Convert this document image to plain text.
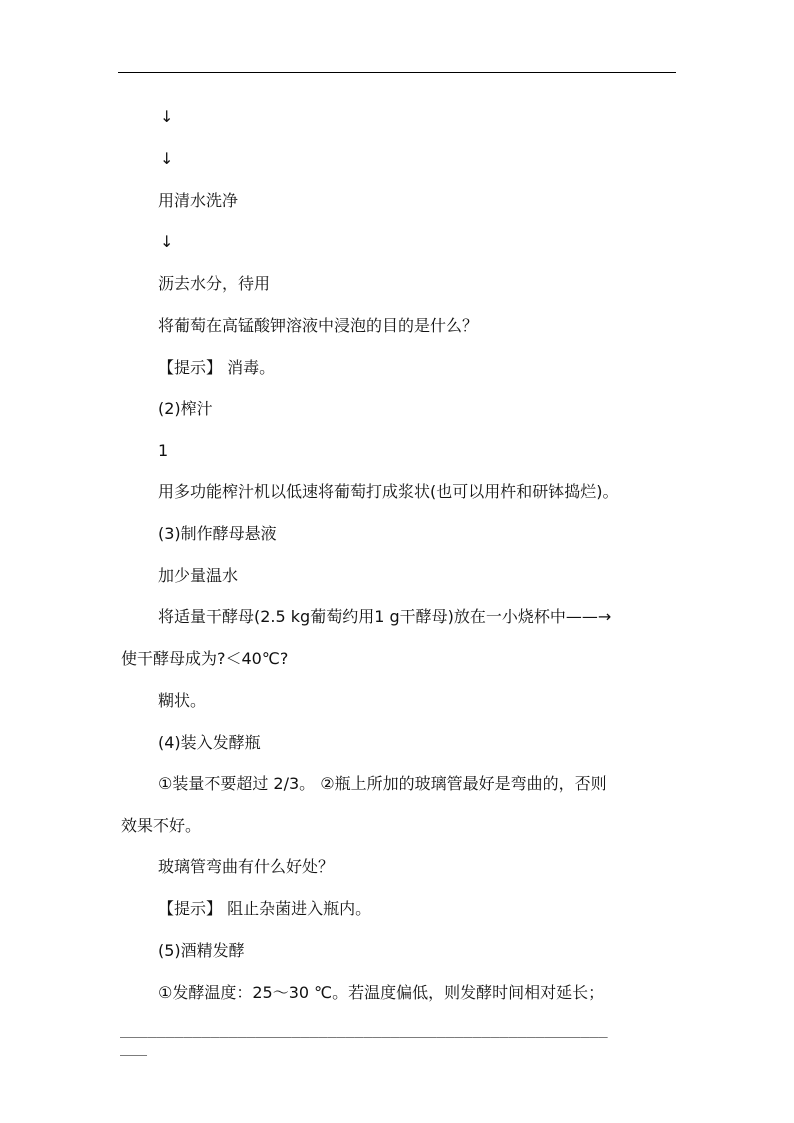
↓
↓
用清水洗净
↓
沥去水分，待用
将葡萄在高锰酸钾溶液中浸泡的目的是什么？
【提示】 消毒。
(2)榨汁
1
用多功能榨汁机以低速将葡萄打成浆状(也可以用杵和研钵捣烂)。
(3)制作酵母悬液
加少量温水
将适量干酵母(2.5 kg葡萄约用1 g干酵母)放在一小烧杯中——→
使干酵母成为?＜40℃?
糊状。
(4)装入发酵瓶
①装量不要超过 2/3。 ②瓶上所加的玻璃管最好是弯曲的，否则
效果不好。
玻璃管弯曲有什么好处？
【提示】 阻止杂菌进入瓶内。
(5)酒精发酵
①发酵温度：25～30 ℃。若温度偏低，则发酵时间相对延长；
______________________________________________________
___
